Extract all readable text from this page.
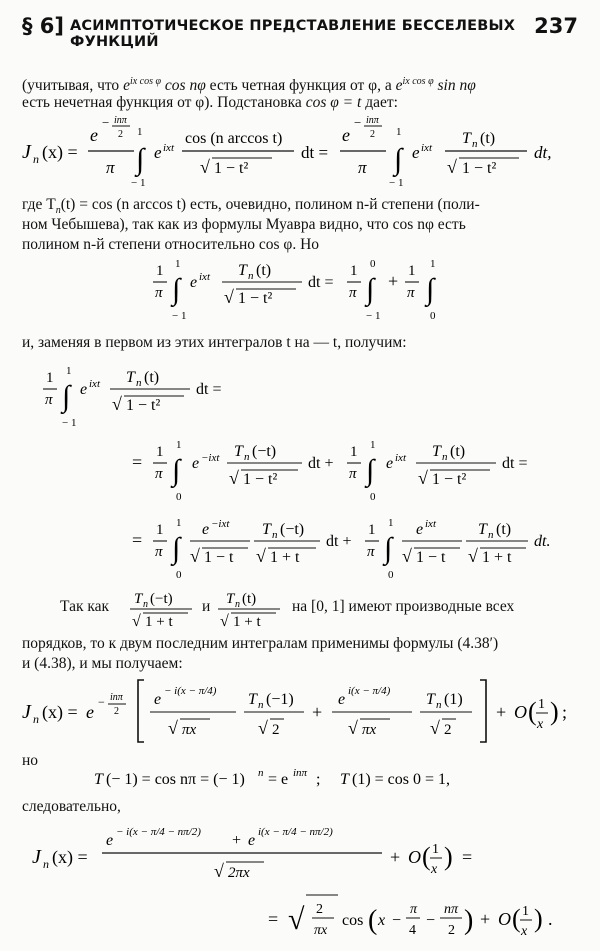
§ 6] АСИМПТОТИЧЕСКОЕ ПРЕДСТАВЛЕНИЕ БЕССЕЛЕВЫХ ФУНКЦИЙ
237
(учитывая, что $e^{ix cos \varphi}$ cos nφ есть четная функция от φ, а $e^{ix cos \varphi}$ sin nφ
есть нечетная функция от φ). Подстановка cos φ = t дает:
J n (x) =
e
− inπ
2
π
1
∫
− 1
e ixt
cos (n arccos t)
√ 1 − t²
dt =
e
− inπ
2
π
1
∫
− 1
e ixt
T n (t)
√ 1 − t²
dt,
где $T_n(t) = \cos (n$ arccos t) есть, очевидно, полином n-й степени (поли-
ном Чебышева), так как из формулы Муавра видно, что cos nφ есть
полином n-й степени относительно cos φ. Но
1
π
1
∫
− 1
e ixt T n (t)
√ 1 − t²
dt =
1
π
0
∫
− 1
+ 1
π
1
∫
0
и, заменяя в первом из этих интегралов t на — t, получим:
1
π
1
∫
− 1
e ixt T n (t)
√ 1 − t²
dt =
= 1
π
1
∫
0
e −ixt T n (−t)
√ 1 − t²
dt +
1
π
1
∫
0
e ixt T n (t)
√ 1 − t²
dt =
= 1
π
1
∫
0
e −ixt
√ 1 − t
T n (−t)
√ 1 + t
dt +
1
π
1
∫
0
e ixt
√ 1 − t
T n (t)
√ 1 + t
dt.
Так как T n (−t)
√ 1 + t
и T n (t)
√ 1 + t
на [0, 1] имеют производные всех
порядков, то к двум последним интегралам применимы формулы (4.38′)
и (4.38), и мы получаем:
J n (x) = e − inπ
2
e − i(x − π/4)
√ πx
T n (−1)
√ 2
+
e i(x − π/4)
√ πx
T n (1)
√ 2
+ O ( 1
x ) ;
но
T (− 1) = cos nπ = (− 1) n = e inπ ; T (1) = cos 0 = 1,
следовательно,
J n (x) =
e − i(x − π/4 − nπ/2) + e i(x − π/4 − nπ/2)
√ 2πx
+ O ( 1
x ) =
= √ 2
πx
cos ( x −
π
4
−
nπ
2 ) + O ( 1
x ) .
